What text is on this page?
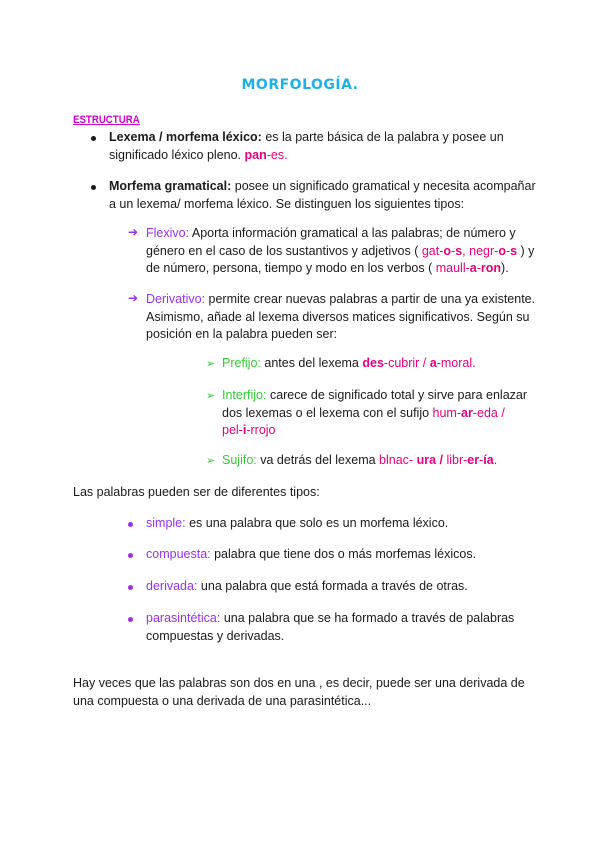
MORFOLOGÍA.
ESTRUCTURA
Lexema / morfema léxico: es la parte básica de la palabra y posee un
significado léxico pleno. pan-es.
Morfema gramatical: posee un significado gramatical y necesita acompañar
a un lexema/ morfema léxico. Se distinguen los siguientes tipos:
➔ Flexivo: Aporta información gramatical a las palabras; de número y
género en el caso de los sustantivos y adjetivos ( gat-o-s, negr-o-s ) y
de número, persona, tiempo y modo en los verbos ( maull-a-ron).
➔ Derivativo: permite crear nuevas palabras a partir de una ya existente.
Asimismo, añade al lexema diversos matices significativos. Según su
posición en la palabra pueden ser:
➢ Prefijo: antes del lexema des-cubrir / a-moral.
➢ Interfijo: carece de significado total y sirve para enlazar
dos lexemas o el lexema con el sufijo hum-ar-eda /
pel-i-rrojo
➢ Sujifo: va detrás del lexema blnac- ura / libr-er-ía.
Las palabras pueden ser de diferentes tipos:
simple: es una palabra que solo es un morfema léxico.
compuesta: palabra que tiene dos o más morfemas léxicos.
derivada: una palabra que está formada a través de otras.
parasintética: una palabra que se ha formado a través de palabras
compuestas y derivadas.
Hay veces que las palabras son dos en una , es decir, puede ser una derivada de
una compuesta o una derivada de una parasintética...
